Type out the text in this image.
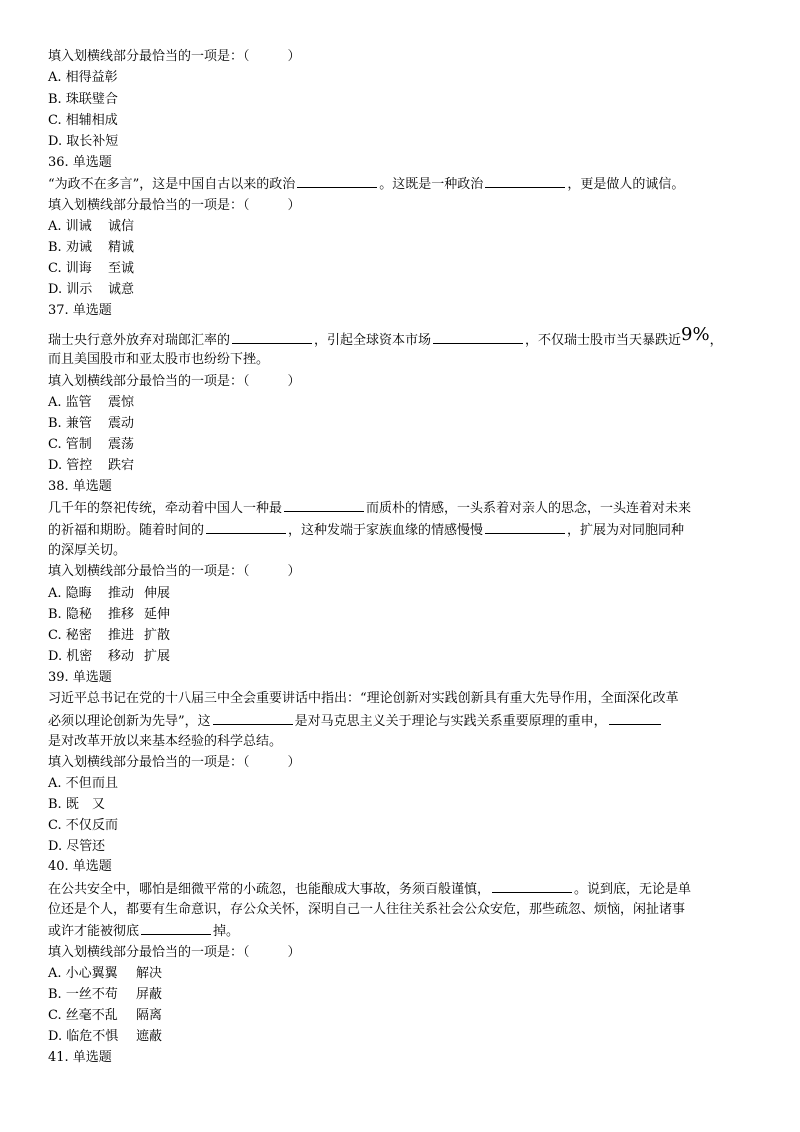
填入划横线部分最恰当的一项是：（	）
A. 相得益彰
B. 珠联璧合
C. 相辅相成
D. 取长补短
36. 单选题
“为政不在多言”，这是中国自古以来的政治	。这既是一种政治	，更是做人的诚信。
填入划横线部分最恰当的一项是：（	）
A. 训诫 诚信
B. 劝诫 精诚
C. 训诲 至诚
D. 训示 诚意
37. 单选题
瑞士央行意外放弃对瑞郎汇率的	，引起全球资本市场	，不仅瑞士股市当天暴跌近9%，
而且美国股市和亚太股市也纷纷下挫。
填入划横线部分最恰当的一项是：（	）
A. 监管 震惊
B. 兼管 震动
C. 管制 震荡
D. 管控 跌宕
38. 单选题
几千年的祭祀传统，牵动着中国人一种最	而质朴的情感，一头系着对亲人的思念，一头连着对未来
的祈福和期盼。随着时间的	，这种发端于家族血缘的情感慢慢	，扩展为对同胞同种
的深厚关切。
填入划横线部分最恰当的一项是：（	）
A. 隐晦 推动 伸展
B. 隐秘 推移 延伸
C. 秘密 推进 扩散
D. 机密 移动 扩展
39. 单选题
习近平总书记在党的十八届三中全会重要讲话中指出：“理论创新对实践创新具有重大先导作用，全面深化改革
必须以理论创新为先导”，这	是对马克思主义关于理论与实践关系重要原理的重申，
是对改革开放以来基本经验的科学总结。
填入划横线部分最恰当的一项是：（	）
A. 不但而且
B. 既 又
C. 不仅反而
D. 尽管还
40. 单选题
在公共安全中，哪怕是细微平常的小疏忽，也能酿成大事故，务须百般谨慎，	。说到底，无论是单
位还是个人，都要有生命意识，存公众关怀，深明自己一人往往关系社会公众安危，那些疏忽、烦恼，闲扯诸事
或许才能被彻底	掉。
填入划横线部分最恰当的一项是：（	）
A. 小心翼翼 解决
B. 一丝不苟 屏蔽
C. 丝毫不乱 隔离
D. 临危不惧 遮蔽
41. 单选题
